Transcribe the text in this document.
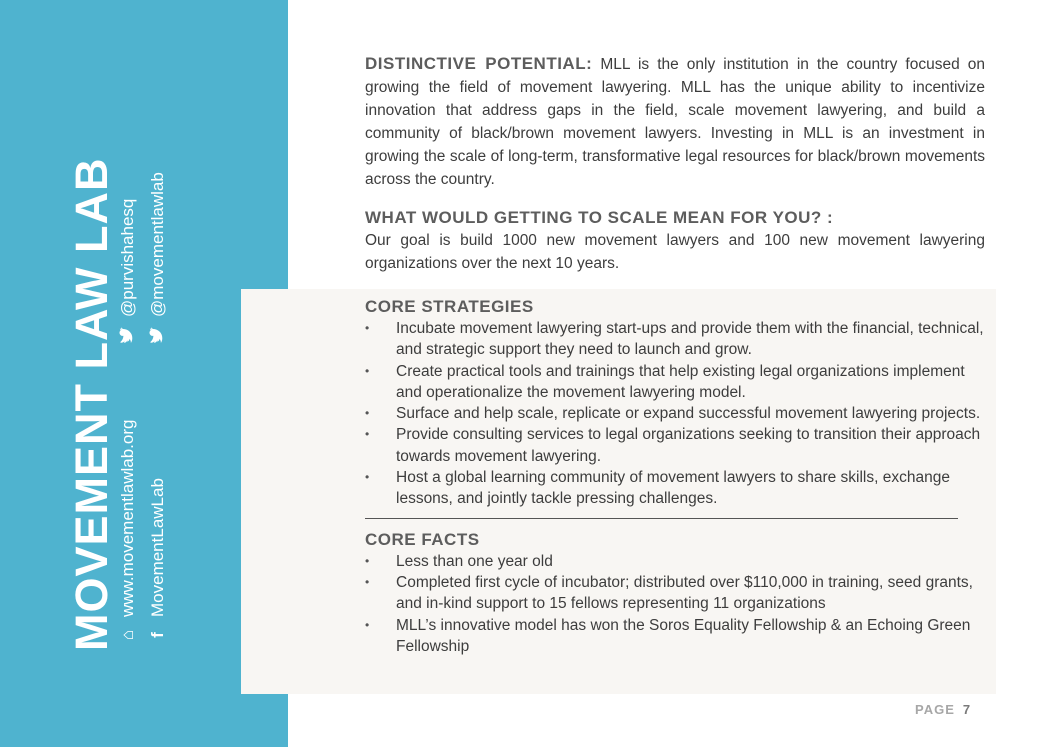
MOVEMENT LAW LAB ⌂
www.movementlawlab.org
f
MovementLawLab
@purvishahesq @movementlawlab

DISTINCTIVE POTENTIAL: MLL is the only institution in the country focused on growing the field of movement lawyering. MLL has the unique ability to incentivize innovation that address gaps in the field, scale movement lawyering, and build a community of black/brown movement lawyers. Investing in MLL is an investment in growing the scale of long-term, transformative legal resources for black/brown movements across the country.

WHAT WOULD GETTING TO SCALE MEAN FOR YOU? :

Our goal is build 1000 new movement lawyers and 100 new movement lawyering organizations over the next 10 years.

CORE STRATEGIES

• Incubate movement lawyering start-ups and provide them with the financial, technical, and strategic support they need to launch and grow.
• Create practical tools and trainings that help existing legal organizations implement and operationalize the movement lawyering model.
• Surface and help scale, replicate or expand successful movement lawyering projects.
• Provide consulting services to legal organizations seeking to transition their approach towards movement lawyering.
• Host a global learning community of movement lawyers to share skills, exchange lessons, and jointly tackle pressing challenges.

CORE FACTS

• Less than one year old
• Completed first cycle of incubator; distributed over $110,000 in training, seed grants, and in-kind support to 15 fellows representing 11 organizations
• MLL’s innovative model has won the Soros Equality Fellowship & an Echoing Green Fellowship
PAGE 7
